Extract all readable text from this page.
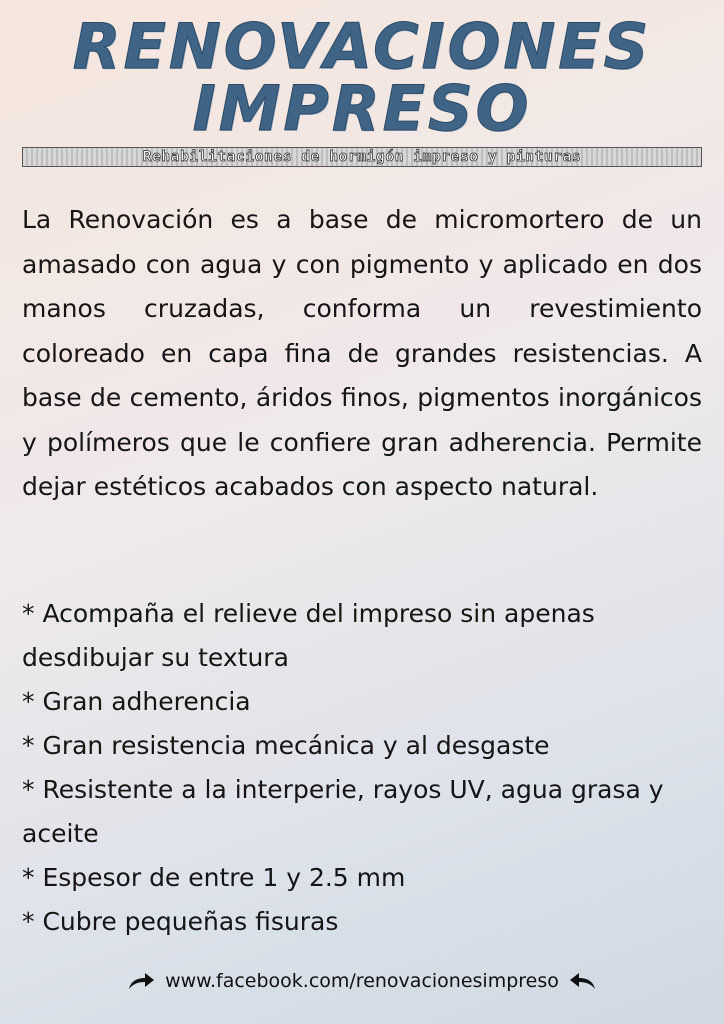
RENOVACIONES
IMPRESO
Rehabilitaciones de hormigón impreso y pinturas

La Renovación es a base de micromortero de un amasado con agua y con pigmento y aplicado en dos manos cruzadas, conforma un revestimiento coloreado en capa fina de grandes resistencias. A base de cemento, áridos finos, pigmentos inorgánicos y polímeros que le confiere gran adherencia. Permite dejar estéticos acabados con aspecto natural.

* Acompaña el relieve del impreso sin apenas desdibujar su textura
* Gran adherencia
* Gran resistencia mecánica y al desgaste
* Resistente a la interperie, rayos UV, agua grasa y aceite
* Espesor de entre 1 y 2.5 mm
* Cubre pequeñas fisuras
www.facebook.com/renovacionesimpreso
